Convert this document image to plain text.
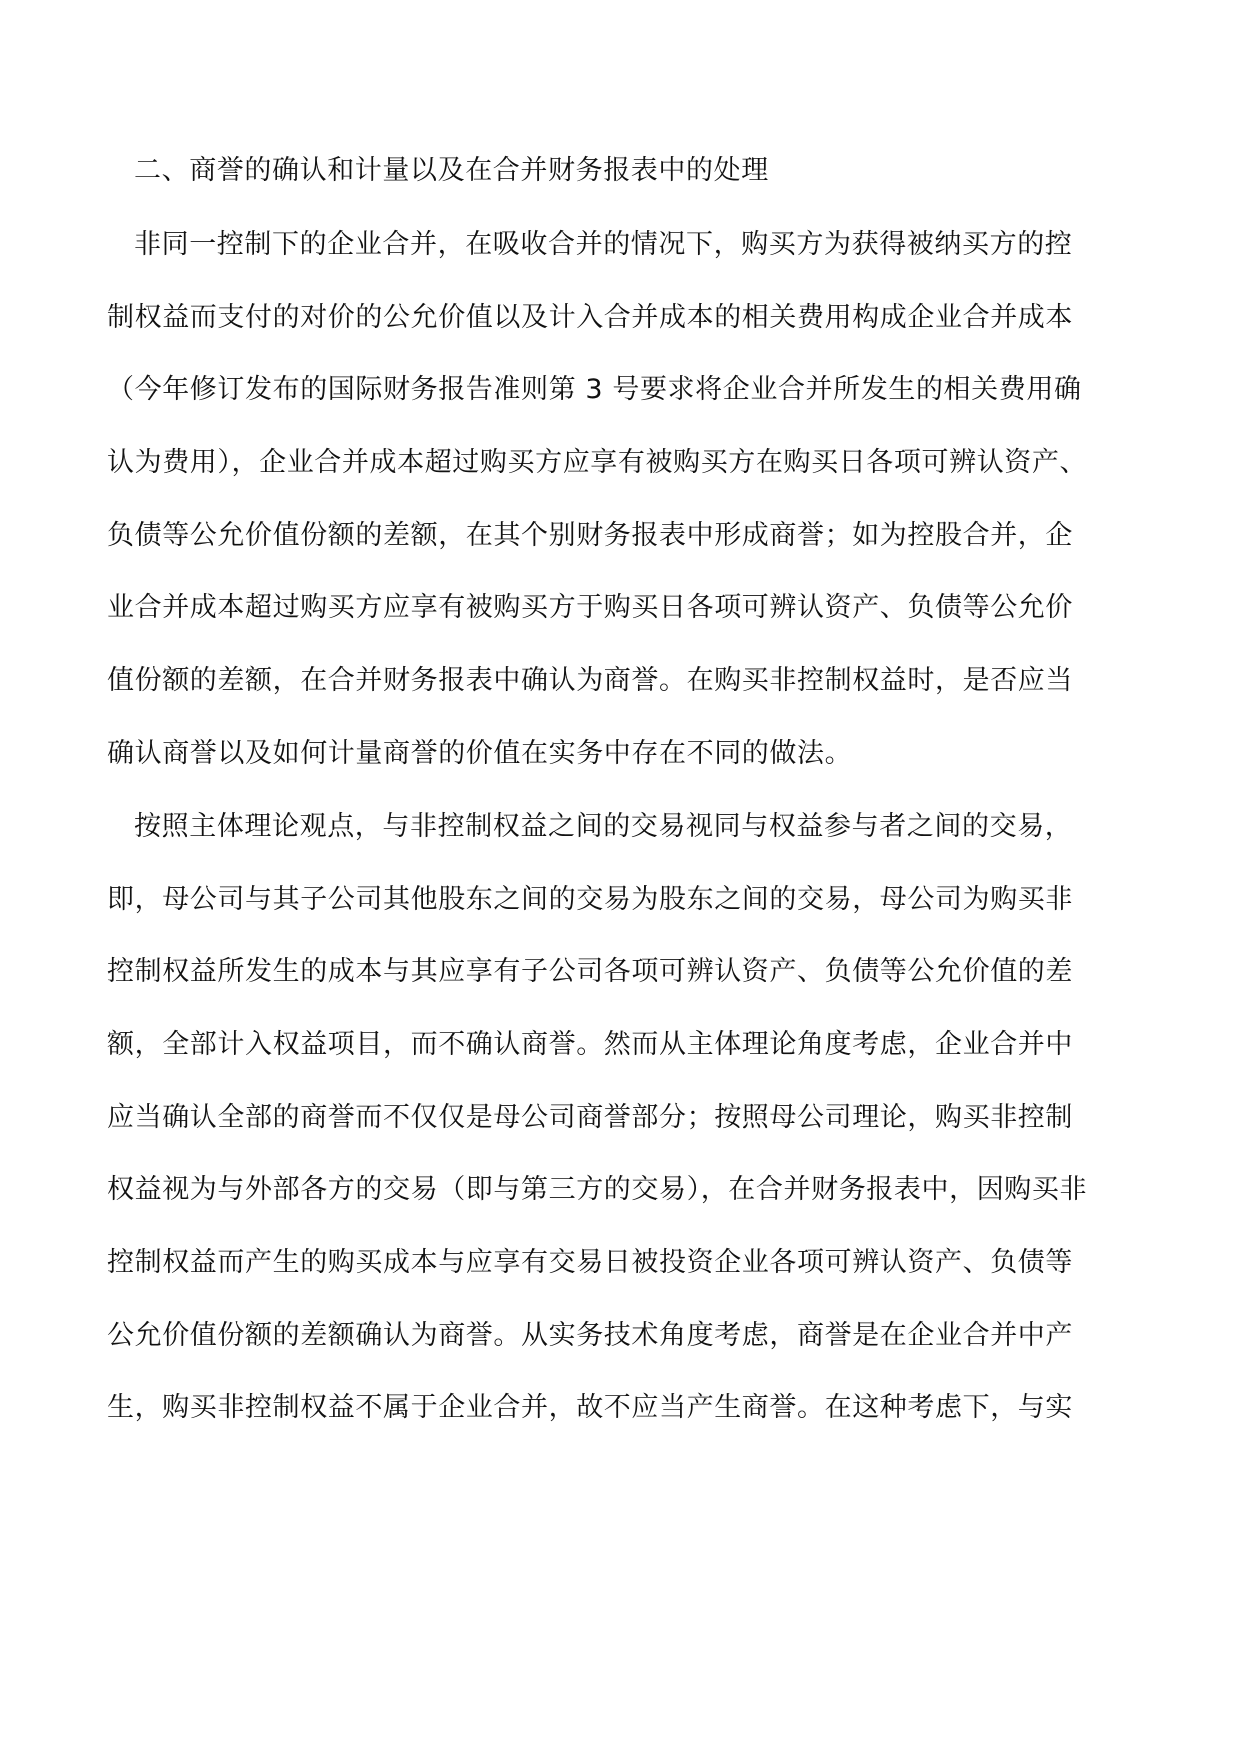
二、商誉的确认和计量以及在合并财务报表中的处理
非同一控制下的企业合并，在吸收合并的情况下，购买方为获得被纳买方的控
制权益而支付的对价的公允价值以及计入合并成本的相关费用构成企业合并成本
（今年修订发布的国际财务报告准则第 3 号要求将企业合并所发生的相关费用确
认为费用），企业合并成本超过购买方应享有被购买方在购买日各项可辨认资产、
负债等公允价值份额的差额，在其个别财务报表中形成商誉；如为控股合并，企
业合并成本超过购买方应享有被购买方于购买日各项可辨认资产、负债等公允价
值份额的差额，在合并财务报表中确认为商誉。在购买非控制权益时，是否应当
确认商誉以及如何计量商誉的价值在实务中存在不同的做法。
按照主体理论观点，与非控制权益之间的交易视同与权益参与者之间的交易，
即，母公司与其子公司其他股东之间的交易为股东之间的交易，母公司为购买非
控制权益所发生的成本与其应享有子公司各项可辨认资产、负债等公允价值的差
额，全部计入权益项目，而不确认商誉。然而从主体理论角度考虑，企业合并中
应当确认全部的商誉而不仅仅是母公司商誉部分；按照母公司理论，购买非控制
权益视为与外部各方的交易（即与第三方的交易），在合并财务报表中，因购买非
控制权益而产生的购买成本与应享有交易日被投资企业各项可辨认资产、负债等
公允价值份额的差额确认为商誉。从实务技术角度考虑，商誉是在企业合并中产
生，购买非控制权益不属于企业合并，故不应当产生商誉。在这种考虑下，与实
